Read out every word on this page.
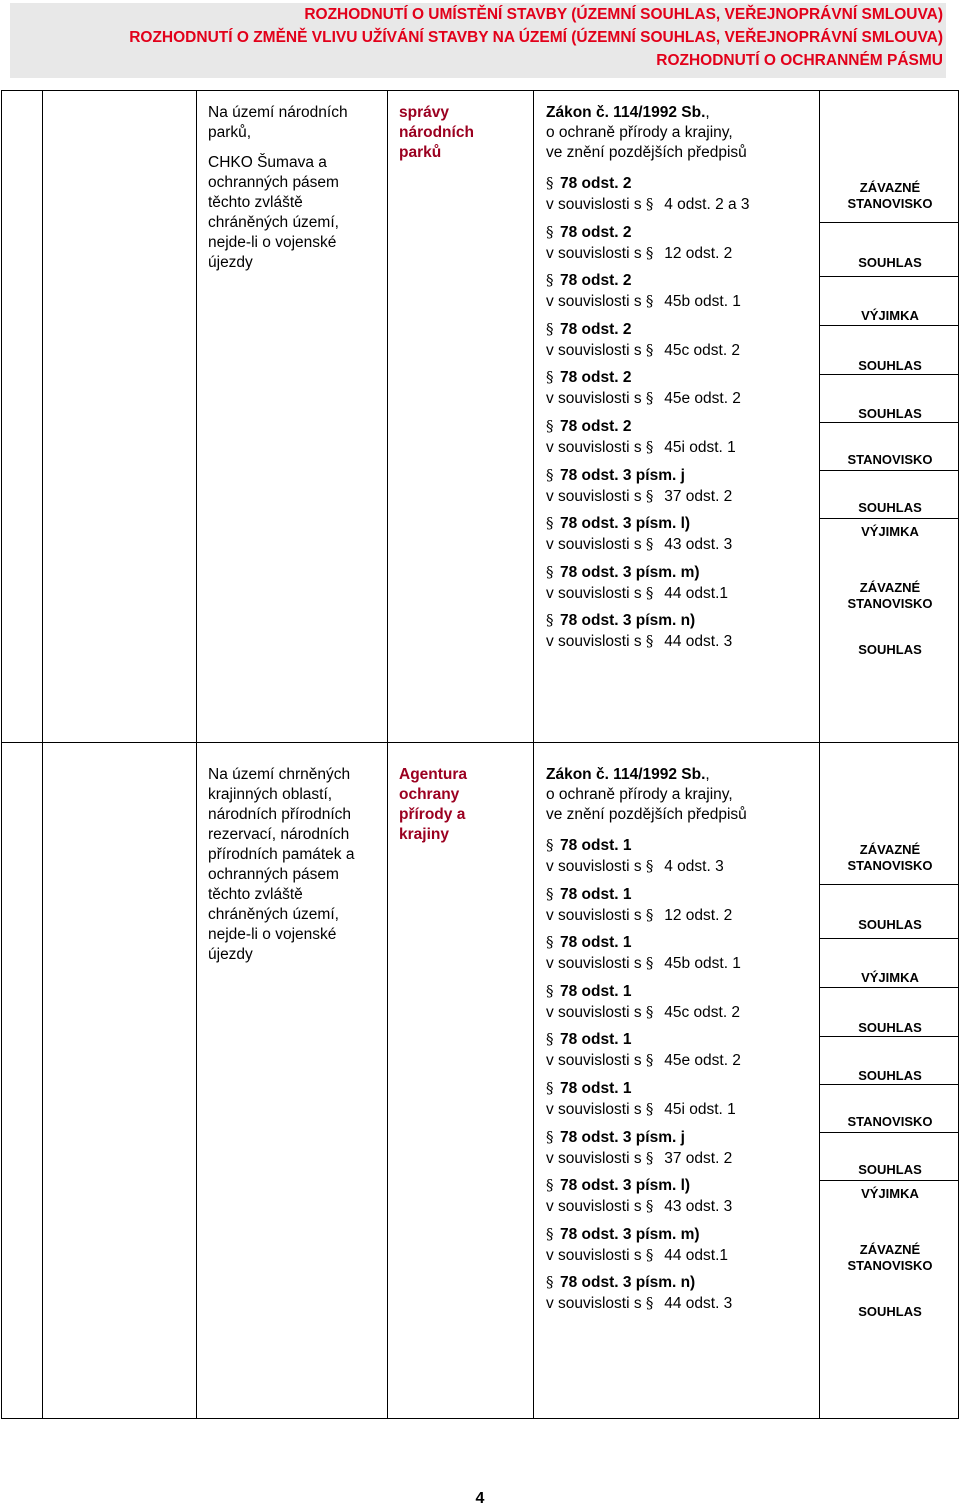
ROZHODNUTÍ O UMÍSTĚNÍ STAVBY (ÚZEMNÍ SOUHLAS, VEŘEJNOPRÁVNÍ SMLOUVA)
ROZHODNUTÍ O ZMĚNĚ VLIVU UŽÍVÁNÍ STAVBY NA ÚZEMÍ (ÚZEMNÍ SOUHLAS, VEŘEJNOPRÁVNÍ SMLOUVA)
ROZHODNUTÍ O OCHRANNÉM PÁSMU
Na území národních
parků,
CHKO Šumava a
ochranných pásem
těchto zvláště
chráněných území,
nejde-li o vojenské
újezdy
správy
národních
parků
Zákon č. 114/1992 Sb.,
o ochraně přírody a krajiny,
ve znění pozdějších předpisů
§ 78 odst. 2
v souvislosti s § 4 odst. 2 a 3
§ 78 odst. 2
v souvislosti s § 12 odst. 2
§ 78 odst. 2
v souvislosti s § 45b odst. 1
§ 78 odst. 2
v souvislosti s § 45c odst. 2
§ 78 odst. 2
v souvislosti s § 45e odst. 2
§ 78 odst. 2
v souvislosti s § 45i odst. 1
§ 78 odst. 3 písm. j
v souvislosti s § 37 odst. 2
§ 78 odst. 3 písm. l)
v souvislosti s § 43 odst. 3
§ 78 odst. 3 písm. m)
v souvislosti s § 44 odst.1
§ 78 odst. 3 písm. n)
v souvislosti s § 44 odst. 3
ZÁVAZNÉ
STANOVISKO
SOUHLAS
VÝJIMKA
SOUHLAS
SOUHLAS
STANOVISKO
SOUHLAS
VÝJIMKA
ZÁVAZNÉ
STANOVISKO
SOUHLAS
Na území chrněných
krajinných oblastí,
národních přírodních
rezervací, národních
přírodních památek a
ochranných pásem
těchto zvláště
chráněných území,
nejde-li o vojenské
újezdy
Agentura
ochrany
přírody a
krajiny
Zákon č. 114/1992 Sb.,
o ochraně přírody a krajiny,
ve znění pozdějších předpisů
§ 78 odst. 1
v souvislosti s § 4 odst. 3
§ 78 odst. 1
v souvislosti s § 12 odst. 2
§ 78 odst. 1
v souvislosti s § 45b odst. 1
§ 78 odst. 1
v souvislosti s § 45c odst. 2
§ 78 odst. 1
v souvislosti s § 45e odst. 2
§ 78 odst. 1
v souvislosti s § 45i odst. 1
§ 78 odst. 3 písm. j
v souvislosti s § 37 odst. 2
§ 78 odst. 3 písm. l)
v souvislosti s § 43 odst. 3
§ 78 odst. 3 písm. m)
v souvislosti s § 44 odst.1
§ 78 odst. 3 písm. n)
v souvislosti s § 44 odst. 3
ZÁVAZNÉ
STANOVISKO
SOUHLAS
VÝJIMKA
SOUHLAS
SOUHLAS
STANOVISKO
SOUHLAS
VÝJIMKA
ZÁVAZNÉ
STANOVISKO
SOUHLAS
4
